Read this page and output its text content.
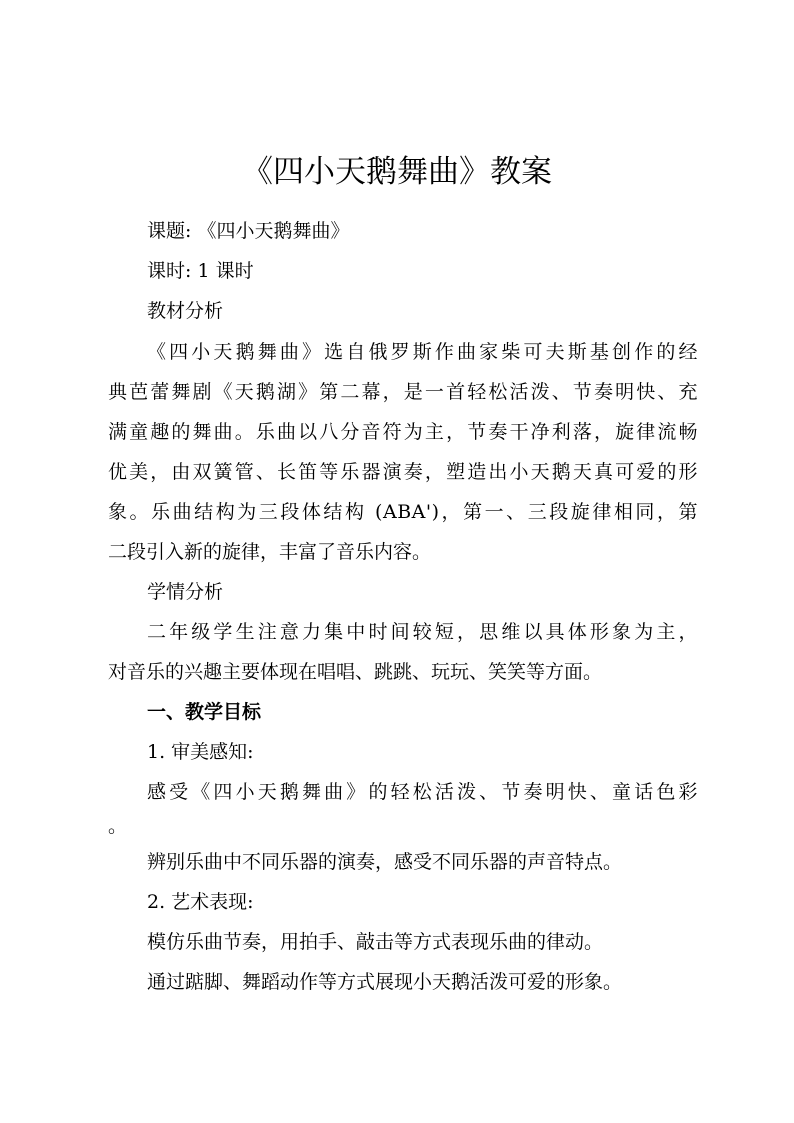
《四小天鹅舞曲》教案
课题: 《四小天鹅舞曲》
课时: 1 课时
教材分析
《四小天鹅舞曲》选自俄罗斯作曲家柴可夫斯基创作的经
典芭蕾舞剧《天鹅湖》第二幕，是一首轻松活泼、节奏明快、充
满童趣的舞曲。乐曲以八分音符为主，节奏干净利落，旋律流畅
优美，由双簧管、长笛等乐器演奏，塑造出小天鹅天真可爱的形
象。乐曲结构为三段体结构 (ABA')，第一、三段旋律相同，第
二段引入新的旋律，丰富了音乐内容。
学情分析
二年级学生注意力集中时间较短，思维以具体形象为主，
对音乐的兴趣主要体现在唱唱、跳跳、玩玩、笑笑等方面。
一、教学目标
1. 审美感知:
感受《四小天鹅舞曲》的轻松活泼、节奏明快、童话色彩
。
辨别乐曲中不同乐器的演奏，感受不同乐器的声音特点。
2. 艺术表现:
模仿乐曲节奏，用拍手、敲击等方式表现乐曲的律动。
通过踮脚、舞蹈动作等方式展现小天鹅活泼可爱的形象。
